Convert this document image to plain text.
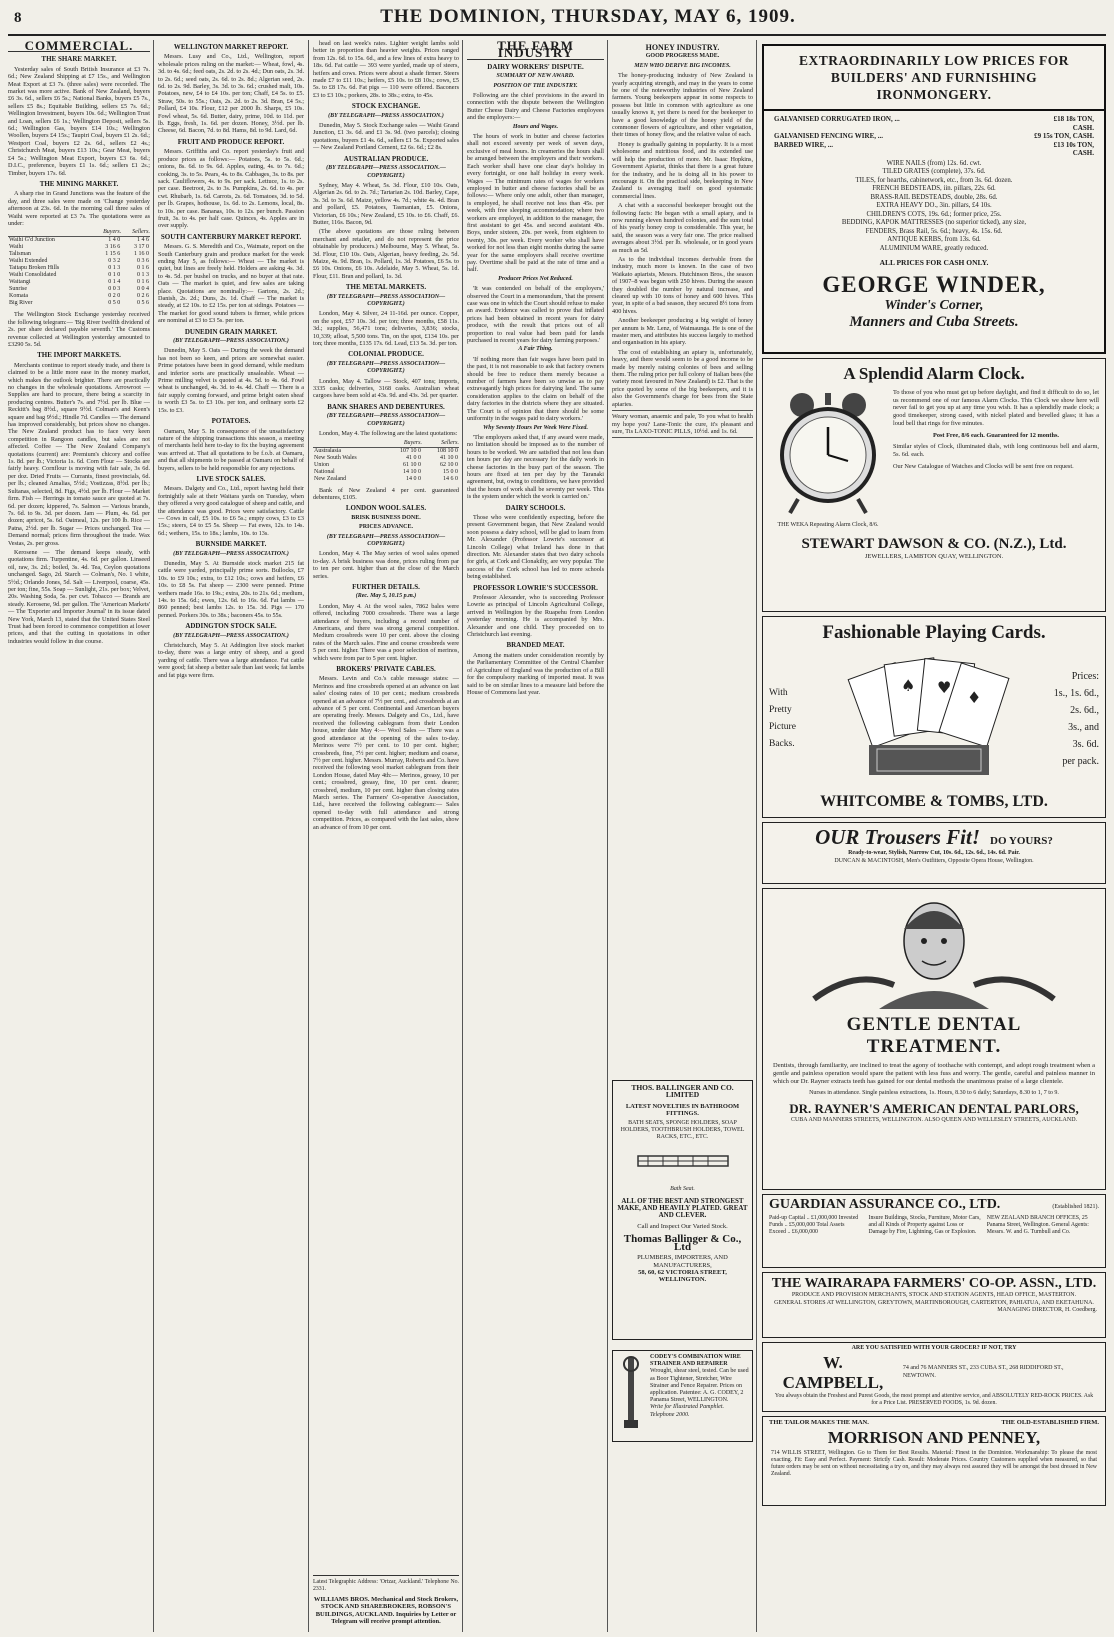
8	THE DOMINION, THURSDAY, MAY 6, 1909.
COMMERCIAL.
THE SHARE MARKET.

Yesterday sales of South British Insurance at £3 7s. 6d.; New Zealand Shipping at £7 15s., and Wellington Meat Export at £3 7s. (three sales) were recorded. The market was more active. Bank of New Zealand, buyers £6 3s. 6d., sellers £6 5s.; National Banks, buyers £5 7s., sellers £5 8s.; Equitable Building, sellers £5 7s. 6d.; Wellington Investment, buyers 10s. 6d.; Wellington Trust and Loan, sellers £6 1s.; Wellington Deposit, sellers 5s. 6d.; Wellington Gas, buyers £14 10s.; Wellington Woollen, buyers £4 15s.; Taupiri Coal, buyers £1 2s. 6d.; Westport Coal, buyers £2 2s. 6d., sellers £2 4s.; Christchurch Meat, buyers £13 10s.; Gear Meat, buyers £4 5s.; Wellington Meat Export, buyers £3 6s. 6d.; D.I.C., preference, buyers £1 1s. 6d.; sellers £1 2s.; Timber, buyers 17s. 6d.

THE MINING MARKET.

A sharp rise in Grand Junctions was the feature of the day, and three sales were made on 'Change yesterday afternoon at 23s. 6d. In the morning call three sales of Waihi were reported at £3 7s. The quotations were as under:

	Buyers.	Sellers.
Waihi G'd Junction	1 4 0	1 4 6
Waihi	3 16 6	3 17 0
Talisman	1 15 6	1 16 0
Waihi Extended	0 3 2	0 3 6
Taitapu Broken Hills	0 1 3	0 1 6
Waihi Consolidated	0 1 0	0 1 3
Waitangi	0 1 4	0 1 6
Sunrise	0 0 3	0 0 4
Komata	0 2 0	0 2 6
Big River	0 5 0	0 5 6

The Wellington Stock Exchange yesterday received the following telegram:— 'Big River twelfth dividend of 2s. per share declared payable seventh.' The Customs revenue collected at Wellington yesterday amounted to £3290 5s. 5d.

THE IMPORT MARKETS.

Merchants continue to report steady trade, and there is claimed to be a little more ease in the money market, which makes the outlook brighter. There are practically no changes in the wholesale quotations. Arrowroot — Supplies are hard to procure, there being a scarcity in producing centres. Butter's 7s. and 7½d. per lb. Blue — Reckitt's bag 8½d., square 9½d. Colman's and Keen's square and bag 9½d.; Hindle 7d. Candles — The demand has improved considerably, but prices show no changes. The New Zealand product has to face very keen competition in Rangoon candles, but sales are not affected. Coffee — The New Zealand Company's quotations (current) are: Premium's chicory and coffee 1s. 8d. per lb.; Victoria 1s. 6d. Corn Flour — Stocks are fairly heavy. Cornflour is moving with fair sale, 3s 6d. per doz. Dried Fruits — Currants, finest provincials, 6d. per lb.; cleaned Amalias, 5½d.; Vostizzas, 8½d. per lb.; Sultanas, selected, 8d. Figs, 4½d. per lb. Flour — Market firm. Fish — Herrings in tomato sauce are quoted at 7s. 6d. per dozen; kippered, 7s. Salmon — Various brands, 7s. 6d. to 9s. 3d. per dozen. Jam — Plum, 4s. 6d. per dozen; apricot, 5s. 6d. Oatmeal, 12s. per 100 lb. Rice — Patna, 2½d. per lb. Sugar — Prices unchanged. Tea — Demand normal; prices firm throughout the trade. Wax Vestas, 2s. per gross.

Kerosene — The demand keeps steady, with quotations firm. Turpentine, 4s. 6d. per gallon. Linseed oil, raw, 3s. 2d.; boiled, 3s. 4d. Tea, Ceylon quotations unchanged. Sago, 2d. Starch — Colman's, No. 1 white, 5½d.; Orlando Jones, 5d. Salt — Liverpool, coarse, 45s. per ton; fine, 55s. Soap — Sunlight, 21s. per box; Velvet, 20s. Washing Soda, 5s. per cwt. Tobacco — Brands are steady. Kerosene, 9d. per gallon. The 'American Markets' — The 'Exporter and Importer Journal' in its issue dated New York, March 13, stated that the United States Steel Trust had been forced to commence competition at lower prices, and that the cutting in quotations in other industries would follow in due course.

WELLINGTON MARKET REPORT.

Messrs. Lusy and Co., Ltd., Wellington, report wholesale prices ruling on the market:— Wheat, fowl, 4s. 3d. to 4s. 6d.; feed oats, 2s. 2d. to 2s. 4d.; Dun oats, 2s. 3d. to 2s. 6d.; seed oats, 2s. 6d. to 2s. 8d.; Algerian seed, 2s. 6d. to 2s. 9d. Barley, 3s. 3d. to 3s. 6d.; crushed malt, 10s. Potatoes, new, £4 to £4 10s. per ton; Chaff, £4 5s. to £5. Straw, 50s. to 55s.; Oats, 2s. 2d. to 2s. 3d. Bran, £4 5s.; Pollard, £4 10s. Flour, £12 per 2000 lb. Sharps, £5 10s. Fowl wheat, 5s. 6d. Butter, dairy, prime, 10d. to 11d. per lb. Eggs, fresh, 1s. 6d. per dozen. Honey, 3½d. per lb. Cheese, 6d. Bacon, 7d. to 8d. Hams, 8d. to 9d. Lard, 6d.

FRUIT AND PRODUCE REPORT.

Messrs. Griffiths and Co. report yesterday's fruit and produce prices as follows:— Potatoes, 5s. to 5s. 6d.; onions, 8s. 6d. to 9s. 6d. Apples, eating, 4s. to 7s. 6d.; cooking, 3s. to 5s. Pears, 4s. to 8s. Cabbages, 3s. to 8s. per sack. Cauliflowers, 4s. to 9s. per sack. Lettuce, 1s. to 2s. per case. Beetroot, 2s. to 3s. Pumpkins, 2s. 6d. to 4s. per cwt. Rhubarb, 1s. 6d. Carrots, 2s. 6d. Tomatoes, 3d. to 5d. per lb. Grapes, hothouse, 1s. 6d. to 2s. Lemons, local, 8s. to 10s. per case. Bananas, 10s. to 12s. per bunch. Passion fruit, 3s. to 4s. per half case. Quinces, 4s. Apples are in over supply.

SOUTH CANTERBURY MARKET REPORT.

Messrs. G. S. Meredith and Co., Waimate, report on the South Canterbury grain and produce market for the week ending May 5, as follows:— Wheat — The market is quiet, but lines are freely held. Holders are asking 4s. 3d. to 4s. 5d. per bushel on trucks, and no buyer at that rate. Oats — The market is quiet, and few sales are taking place. Quotations are nominally:— Gartons, 2s. 2d.; Danish, 2s. 2d.; Duns, 2s. 1d. Chaff — The market is steady, at £2 10s. to £2 15s. per ton at sidings. Potatoes — The market for good sound tubers is firmer, while prices are nominal at £3 to £3 5s. per ton.

DUNEDIN GRAIN MARKET.
(BY TELEGRAPH—PRESS ASSOCIATION.)

Dunedin, May 5. Oats — During the week the demand has not been so keen, and prices are somewhat easier. Prime potatoes have been in good demand, while medium and inferior sorts are practically unsaleable. Wheat — Prime milling velvet is quoted at 4s. 5d. to 4s. 6d. Fowl wheat is unchanged, 4s. 3d. to 4s. 4d. Chaff — There is a fair supply coming forward, and prime bright oaten sheaf is worth £3 5s. to £3 10s. per ton, and ordinary sorts £2 15s. to £3.

POTATOES.

Oamaru, May 5. In consequence of the unsatisfactory nature of the shipping transactions this season, a meeting of merchants held here to-day to fix the buying agreement was arrived at. That all quotations to be f.o.b. at Oamaru, and that all shipments to be passed at Oamaru on behalf of buyers, sellers to be held responsible for any rejections.

LIVE STOCK SALES.

Messrs. Dalgety and Co., Ltd., report having held their fortnightly sale at their Waitara yards on Tuesday, when they offered a very good catalogue of sheep and cattle, and the attendance was good. Prices were satisfactory. Cattle — Cows in calf, £5 10s. to £6 5s.; empty cows, £3 to £3 15s.; steers, £4 to £5 5s. Sheep — Fat ewes, 12s. to 14s. 6d.; wethers, 15s. to 18s.; lambs, 10s. to 13s.

BURNSIDE MARKET.
(BY TELEGRAPH—PRESS ASSOCIATION.)

Dunedin, May 5. At Burnside stock market 215 fat cattle were yarded, principally prime sorts. Bullocks, £7 10s. to £9 10s.; extra, to £12 10s.; cows and heifers, £6 10s. to £8 5s. Fat sheep — 2300 were penned. Prime wethers made 16s. to 19s.; extra, 20s. to 21s. 6d.; medium, 14s. to 15s. 6d.; ewes, 12s. 6d. to 16s. 6d. Fat lambs — 860 penned; best lambs 12s. to 15s. 3d. Pigs — 170 penned. Porkers 30s. to 38s.; baconers 45s. to 55s.

ADDINGTON STOCK SALE.
(BY TELEGRAPH—PRESS ASSOCIATION.)

Christchurch, May 5. At Addington live stock market to-day, there was a large entry of sheep, and a good yarding of cattle. There was a large attendance. Fat cattle were good; fat sheep a better sale than last week; fat lambs and fat pigs were firm.

head on last week's rates. Lighter weight lambs sold better in proportion than heavier weights. Prices ranged from 12s. 6d. to 15s. 6d., and a few lines of extra heavy to 18s. 6d. Fat cattle — 393 were yarded, made up of steers, heifers and cows. Prices were about a shade firmer. Steers made £7 to £11 10s.; heifers, £5 10s. to £8 10s.; cows, £5 5s. to £8 17s. 6d. Fat pigs — 110 were offered. Baconers £3 to £3 10s.; porkers, 28s. to 38s.; extra, to 45s.

STOCK EXCHANGE.
(BY TELEGRAPH—PRESS ASSOCIATION.)

Dunedin, May 5. Stock Exchange sales — Waihi Grand Junction, £1 3s. 6d. and £1 3s. 9d. (two parcels); closing quotations, buyers £1 4s. 6d., sellers £1 5s. Exported sales — New Zealand Portland Cement, £2 6s. 6d.; £2 8s.

AUSTRALIAN PRODUCE.
(BY TELEGRAPH—PRESS ASSOCIATION.—COPYRIGHT.)

Sydney, May 4. Wheat, 5s. 3d. Flour, £10 10s. Oats, Algerian 2s. 6d. to 2s. 7d.; Tartarian 2s. 10d. Barley, Cape, 3s. 3d. to 3s. 6d. Maize, yellow 4s. 7d.; white 4s. 4d. Bran and pollard, £5. Potatoes, Tasmanian, £5. Onions, Victorian, £6 10s.; New Zealand, £5 10s. to £6. Chaff, £6. Butter, 116s. Bacon, 9d.

(The above quotations are those ruling between merchant and retailer, and do not represent the price obtainable by producers.) Melbourne, May 5. Wheat, 5s. 3d. Flour, £10 10s. Oats, Algerian, heavy feeding, 2s. 5d. Maize, 4s. 9d. Bran, 1s. Pollard, 1s. 3d. Potatoes, £6 5s. to £6 10s. Onions, £6 10s. Adelaide, May 5. Wheat, 5s. 1d. Flour, £11. Bran and pollard, 1s. 3d.

THE METAL MARKETS.
(BY TELEGRAPH—PRESS ASSOCIATION—COPYRIGHT.)

London, May 4. Silver, 24 11-16d. per ounce. Copper, on the spot, £57 10s. 3d. per ton; three months, £58 11s. 3d.; supplies, 56,471 tons; deliveries, 3,836; stocks, 10,339; afloat, 5,500 tons. Tin, on the spot, £134 10s. per ton; three months, £135 17s. 6d. Lead, £13 5s. 3d. per ton.

COLONIAL PRODUCE.
(BY TELEGRAPH—PRESS ASSOCIATION—COPYRIGHT.)

London, May 4. Tallow — Stock, 407 tons; imports, 3335 casks; deliveries, 3168 casks. Australian wheat cargoes have been sold at 43s. 9d. and 43s. 3d. per quarter.

BANK SHARES AND DEBENTURES.
(BY TELEGRAPH—PRESS ASSOCIATION—COPYRIGHT.)

London, May 4. The following are the latest quotations:

	Buyers.	Sellers.
Australasia	107 10 0	108 10 0
New South Wales	41 0 0	41 10 0
Union	61 10 0	62 10 0
National	14 10 0	15 0 0
New Zealand	14 0 0	14 6 0

Bank of New Zealand 4 per cent. guaranteed debentures, £105.

LONDON WOOL SALES.
BRISK BUSINESS DONE.
PRICES ADVANCE.
(BY TELEGRAPH—PRESS ASSOCIATION—COPYRIGHT.)

London, May 4. The May series of wool sales opened to-day. A brisk business was done, prices ruling from par to ten per cent. higher than at the close of the March series.

FURTHER DETAILS.
(Rec. May 5, 10.15 p.m.)

London, May 4. At the wool sales, 7862 bales were offered, including 7000 crossbreds. There was a large attendance of buyers, including a record number of Americans, and there was strong general competition. Medium crossbreds were 10 per cent. above the closing rates of the March sales. Fine and course crossbreds were 5 per cent. higher. There was a poor selection of merinos, which were from par to 5 per cent. higher.

BROKERS' PRIVATE CABLES.

Messrs. Levin and Co.'s cable message states: — Merinos and fine crossbreds opened at an advance on last sales' closing rates of 10 per cent.; medium crossbreds opened at an advance of 7½ per cent., and crossbreds at an advance of 5 per cent. Continental and American buyers are operating freely. Messrs. Dalgety and Co., Ltd., have received the following cablegram from their London house, under date May 4:— Wool Sales — There was a good attendance at the opening of the sales to-day. Merinos were 7½ per cent. to 10 per cent. higher; crossbreds, fine, 7½ per cent. higher; medium and coarse, 7½ per cent. higher. Messrs. Murray, Roberts and Co. have received the following wool market cablegram from their London House, dated May 4th:— Merinos, greasy, 10 per cent.; crossbred, greasy, fine, 10 per cent. dearer; crossbred, medium, 10 per cent. higher than closing rates March series. The Farmers' Co-operative Association, Ltd., have received the following cablegram:— Sales opened to-day with full attendance and strong competition. Prices, as compared with the last sales, show an advance of from 10 per cent.

Latest Telegraphic Address: 'Ortzar, Auckland.' Telephone No. 2331.

WILLIAMS BROS. Mechanical and Stock Brokers, STOCK AND SHAREBROKERS, ROBSON'S BUILDINGS, AUCKLAND. Inquiries by Letter or Telegram will receive prompt attention.

THE FARM INDUSTRY
DAIRY WORKERS' DISPUTE.
SUMMARY OF NEW AWARD.
POSITION OF THE INDUSTRY.

Following are the chief provisions in the award in connection with the dispute between the Wellington Butter Cheese Dairy and Cheese Factories employees and the employers:—

Hours and Wages.

The hours of work in butter and cheese factories shall not exceed seventy per week of seven days, exclusive of meal hours. In creameries the hours shall be arranged between the employers and their workers. Each worker shall have one clear day's holiday in every fortnight, or one half holiday in every week. Wages — The minimum rates of wages for workers employed in butter and cheese factories shall be as follows:— Where only one adult, other than manager, is employed, he shall receive not less than 45s. per week, with free sleeping accommodation; where two workers are employed, in addition to the manager, the first assistant to get 45s. and second assistant 40s. Boys, under sixteen, 20s. per week, from eighteen to twenty, 30s. per week. Every worker who shall have worked for not less than eight months during the same year for the same employers shall receive overtime pay. Overtime shall be paid at the rate of time and a half.

Producer Prices Not Reduced.

'It was contended on behalf of the employers,' observed the Court in a memorandum, 'that the present case was one in which the Court should refuse to make an award. Evidence was called to prove that inflated prices had been obtained in recent years for dairy produce, with the result that prices out of all proportion to real value had been paid for lands purchased in recent years for dairy farming purposes.'

A Fair Thing.

'If nothing more than fair wages have been paid in the past, it is not reasonable to ask that factory owners should be free to reduce them merely because a number of farmers have been so unwise as to pay extravagantly high prices for dairying land. The same consideration applies to the claim on behalf of the dairy factories in the districts where they are situated. The Court is of opinion that there should be some uniformity in the wages paid to dairy workers.'

Why Seventy Hours Per Week Were Fixed.

'The employers asked that, if any award were made, no limitation should be imposed as to the number of hours to be worked. We are satisfied that not less than ten hours per day are necessary for the daily work in cheese factories in the busy part of the season. The hours are fixed at ten per day by the Taranaki agreement, but, owing to conditions, we have provided that the hours of work shall be seventy per week. This is the system under which the work is carried on.'

DAIRY SCHOOLS.

Those who were confidently expecting, before the present Government began, that New Zealand would soon possess a dairy school, will be glad to learn from Mr. Alexander (Professor Lowrie's successor at Lincoln College) what Ireland has done in that direction. Mr. Alexander states that two dairy schools for girls, at Cork and Clonakilty, are very popular. The success of the Cork school has led to more schools being established.

PROFESSOR LOWRIE'S SUCCESSOR.

Professor Alexander, who is succeeding Professor Lowrie as principal of Lincoln Agricultural College, arrived in Wellington by the Ruapehu from London yesterday morning. He is accompanied by Mrs. Alexander and one child. They proceeded on to Christchurch last evening.

BRANDED MEAT.

Among the matters under consideration recently by the Parliamentary Committee of the Central Chamber of Agriculture of England was the production of a Bill for the compulsory marking of imported meat. It was said to be on similar lines to a measure laid before the House of Commons last year.

HONEY INDUSTRY.
GOOD PROGRESS MADE.
MEN WHO DERIVE BIG INCOMES.

The honey-producing industry of New Zealand is yearly acquiring strength, and may in the years to come be one of the noteworthy industries of New Zealand farmers. Young beekeepers appear in some respects to possess but little in common with agriculture as one usually knows it, yet there is need for the beekeeper to have a good knowledge of the honey yield of the commoner flowers of agriculture, and other vegetation, their times of honey flow, and the relative value of each.

Honey is gradually gaining in popularity. It is a most wholesome and nutritious food, and its extended use will help the production of more. Mr. Isaac Hopkins, Government Apiarist, thinks that there is a great future for the industry, and he is doing all in his power to encourage it. On the practical side, beekeeping in New Zealand is averaging itself on good systematic commercial lines.

A chat with a successful beekeeper brought out the following facts: He began with a small apiary, and is now running eleven hundred colonies, and the sum total of his yearly honey crop is considerable. This year, he said, the season was a very fair one. The price realised averages about 3½d. per lb. wholesale, or in good years as much as 5d.

As to the individual incomes derivable from the industry, much more is known. In the case of two Waikato apiarists, Messrs. Hutchinson Bros., the season of 1907–8 was begun with 250 hives. During the season they doubled the number by natural increase, and cleared up with 10 tons of honey and 600 hives. This year, in spite of a bad season, they secured 8½ tons from 400 hives.

Another beekeeper producing a big weight of honey per annum is Mr. Lenz, of Waimaunga. He is one of the master men, and attributes his success largely to method and organisation in his apiary.

The cost of establishing an apiary is, unfortunately, heavy, and there would seem to be a good income to be made by merely raising colonies of bees and selling them. The ruling price per full colony of Italian bees (the variety most favoured in New Zealand) is £2. That is the price quoted by some of the big beekeepers, and it is also the Government's charge for bees from the State apiaries.

Weary woman, anaemic and pale, To you what to health my hope you? Lane-Tonic the cure, it's pleasant and sure, Tis LAXO-TONIC PILLS, 10½d. and 1s. 6d.

THOS. BALLINGER AND CO. LIMITED
LATEST NOVELTIES IN BATHROOM FITTINGS.
BATH SEATS, SPONGE HOLDERS, SOAP HOLDERS, TOOTHBRUSH HOLDERS, TOWEL RACKS, ETC., ETC.
Bath Seat.
ALL OF THE BEST AND STRONGEST MAKE, AND HEAVILY PLATED. GREAT AND CLEVER.
Call and Inspect Our Varied Stock.
Thomas Ballinger & Co., Ltd
PLUMBERS, IMPORTERS, AND MANUFACTURERS,
58, 60, 62 VICTORIA STREET, WELLINGTON.
CODEY'S COMBINATION WIRE STRAINER AND REPAIRER
Wrought, shear steel, tested. Can be used as Boor Tightener, Stretcher, Wire Strainer and Fence Repairer. Prices on application. Patentee: A. G. CODEY, 2 Panama Street, WELLINGTON.
Write for Illustrated Pamphlet. Telephone 2000.
EXTRAORDINARILY LOW PRICES FOR BUILDERS' AND FURNISHING IRONMONGERY.
GALVANISED CORRUGATED IRON, ...	£18 18s TON, CASH.
GALVANISED FENCING WIRE, ...	£9 15s TON, CASH.
BARBED WIRE, ...	£13 10s TON, CASH.
WIRE NAILS (from) 12s. 6d. cwt.
TILED GRATES (complete), 37s. 6d.
TILES, for hearths, cabinetwork, etc., from 3s. 6d. dozen.
FRENCH BEDSTEADS, iin. pillars, 22s. 6d.
BRASS-RAIL BEDSTEADS, double, 28s. 6d.
EXTRA HEAVY DO., 3in. pillars, £4 10s.
CHILDREN'S COTS, 19s. 6d.; former price, 25s.
BEDDING, KAPOK MATTRESSES (no superior ticked), any size,
FENDERS, Brass Rail, 5s. 6d.; heavy, 4s. 15s. 6d.
ANTIQUE KERBS, from 13s. 6d.
ALUMINIUM WARE, greatly reduced.
ALL PRICES FOR CASH ONLY.
GEORGE WINDER,
Winder's Corner,
Manners and Cuba Streets.
A Splendid Alarm Clock.
THE WEKA Repeating Alarm Clock, 8/6.
To those of you who must get up before daylight, and find it difficult to do so, let us recommend one of our famous Alarm Clocks. This Clock we show here will never fail to get you up at any time you wish. It has a splendidly made clock; a good timekeeper, strong cased, with nickel plated and bevelled glass; it has a loud bell that rings for five minutes.
Post Free, 8/6 each. Guaranteed for 12 months.
Similar styles of Clock, illuminated dials, with long continuous bell and alarm, 5s. 6d. each.
Our New Catalogue of Watches and Clocks will be sent free on request.
STEWART DAWSON & CO. (N.Z.), Ltd.
JEWELLERS, LAMBTON QUAY, WELLINGTON.
Fashionable Playing Cards.
With
Pretty
Picture
Backs.
♠ ♥
♦
Prices:
1s., 1s. 6d.,
2s. 6d.,
3s., and
3s. 6d.
per pack.
WHITCOMBE & TOMBS, LTD.
OUR Trousers Fit! DO YOURS?
Ready-to-wear, Stylish, Narrow Cut, 10s. 6d., 12s. 6d., 14s. 6d. Pair.
DUNCAN & MACINTOSH, Men's Outfitters, Opposite Opera House, Wellington.
GENTLE DENTAL TREATMENT.
Dentists, through familiarity, are inclined to treat the agony of toothache with contempt, and adopt rough treatment when a gentle and painless operation would spare the patient with less fuss and worry. The gentle, careful and painless manner in which our Dr. Rayner extracts teeth has gained for our dental methods the unanimous praise of a large clientele.
Nurses in attendance. Single painless extractions, 1s. Hours, 8.30 to 6 daily; Saturdays, 8.30 to 1, 7 to 9.
DR. RAYNER'S AMERICAN DENTAL PARLORS,
CUBA AND MANNERS STREETS, WELLINGTON. ALSO QUEEN AND WELLESLEY STREETS, AUCKLAND.
GUARDIAN ASSURANCE CO., LTD.	(Established 1821).
Paid-up Capital .. £1,000,000 Invested Funds .. £5,000,000 Total Assets Exceed .. £6,000,000
Insure Buildings, Stocks, Furniture, Motor Cars, and all Kinds of Property against Loss or Damage by Fire, Lightning, Gas or Explosion.
NEW ZEALAND BRANCH OFFICES, 25 Panama Street, Wellington. General Agents: Messrs. W. and G. Turnbull and Co.
THE WAIRARAPA FARMERS' CO-OP. ASSN., LTD.
PRODUCE AND PROVISION MERCHANTS, STOCK AND STATION AGENTS, HEAD OFFICE, MASTERTON.
GENERAL STORES AT WELLINGTON, GREYTOWN, MARTINBOROUGH, CARTERTON, PAHIATUA, AND EKETAHUNA.
MANAGING DIRECTOR, H. Coedberg.
ARE YOU SATISFIED WITH YOUR GROCER? IF NOT, TRY
W. CAMPBELL,
74 and 76 MANNERS ST., 233 CUBA ST., 268 RIDDIFORD ST., NEWTOWN.
You always obtain the Freshest and Purest Goods, the most prompt and attentive service, and ABSOLUTELY RED-ROCK PRICES. Ask for a Price List. PRESERVED FOODS, 1s. 9d. dozen.
THE TAILOR MAKES THE MAN.	THE OLD-ESTABLISHED FIRM.
MORRISON AND PENNEY,
714 WILLIS STREET, Wellington. Go to Them for Best Results. Material: Finest in the Dominion. Workmanship: To please the most exacting. Fit: Easy and Perfect. Payment: Strictly Cash. Result: Moderate Prices. Country Customers supplied when measured, so that future orders may be sent on without necessitating a try on, and they may always rest assured they will be amongst the best dressed in New Zealand.
